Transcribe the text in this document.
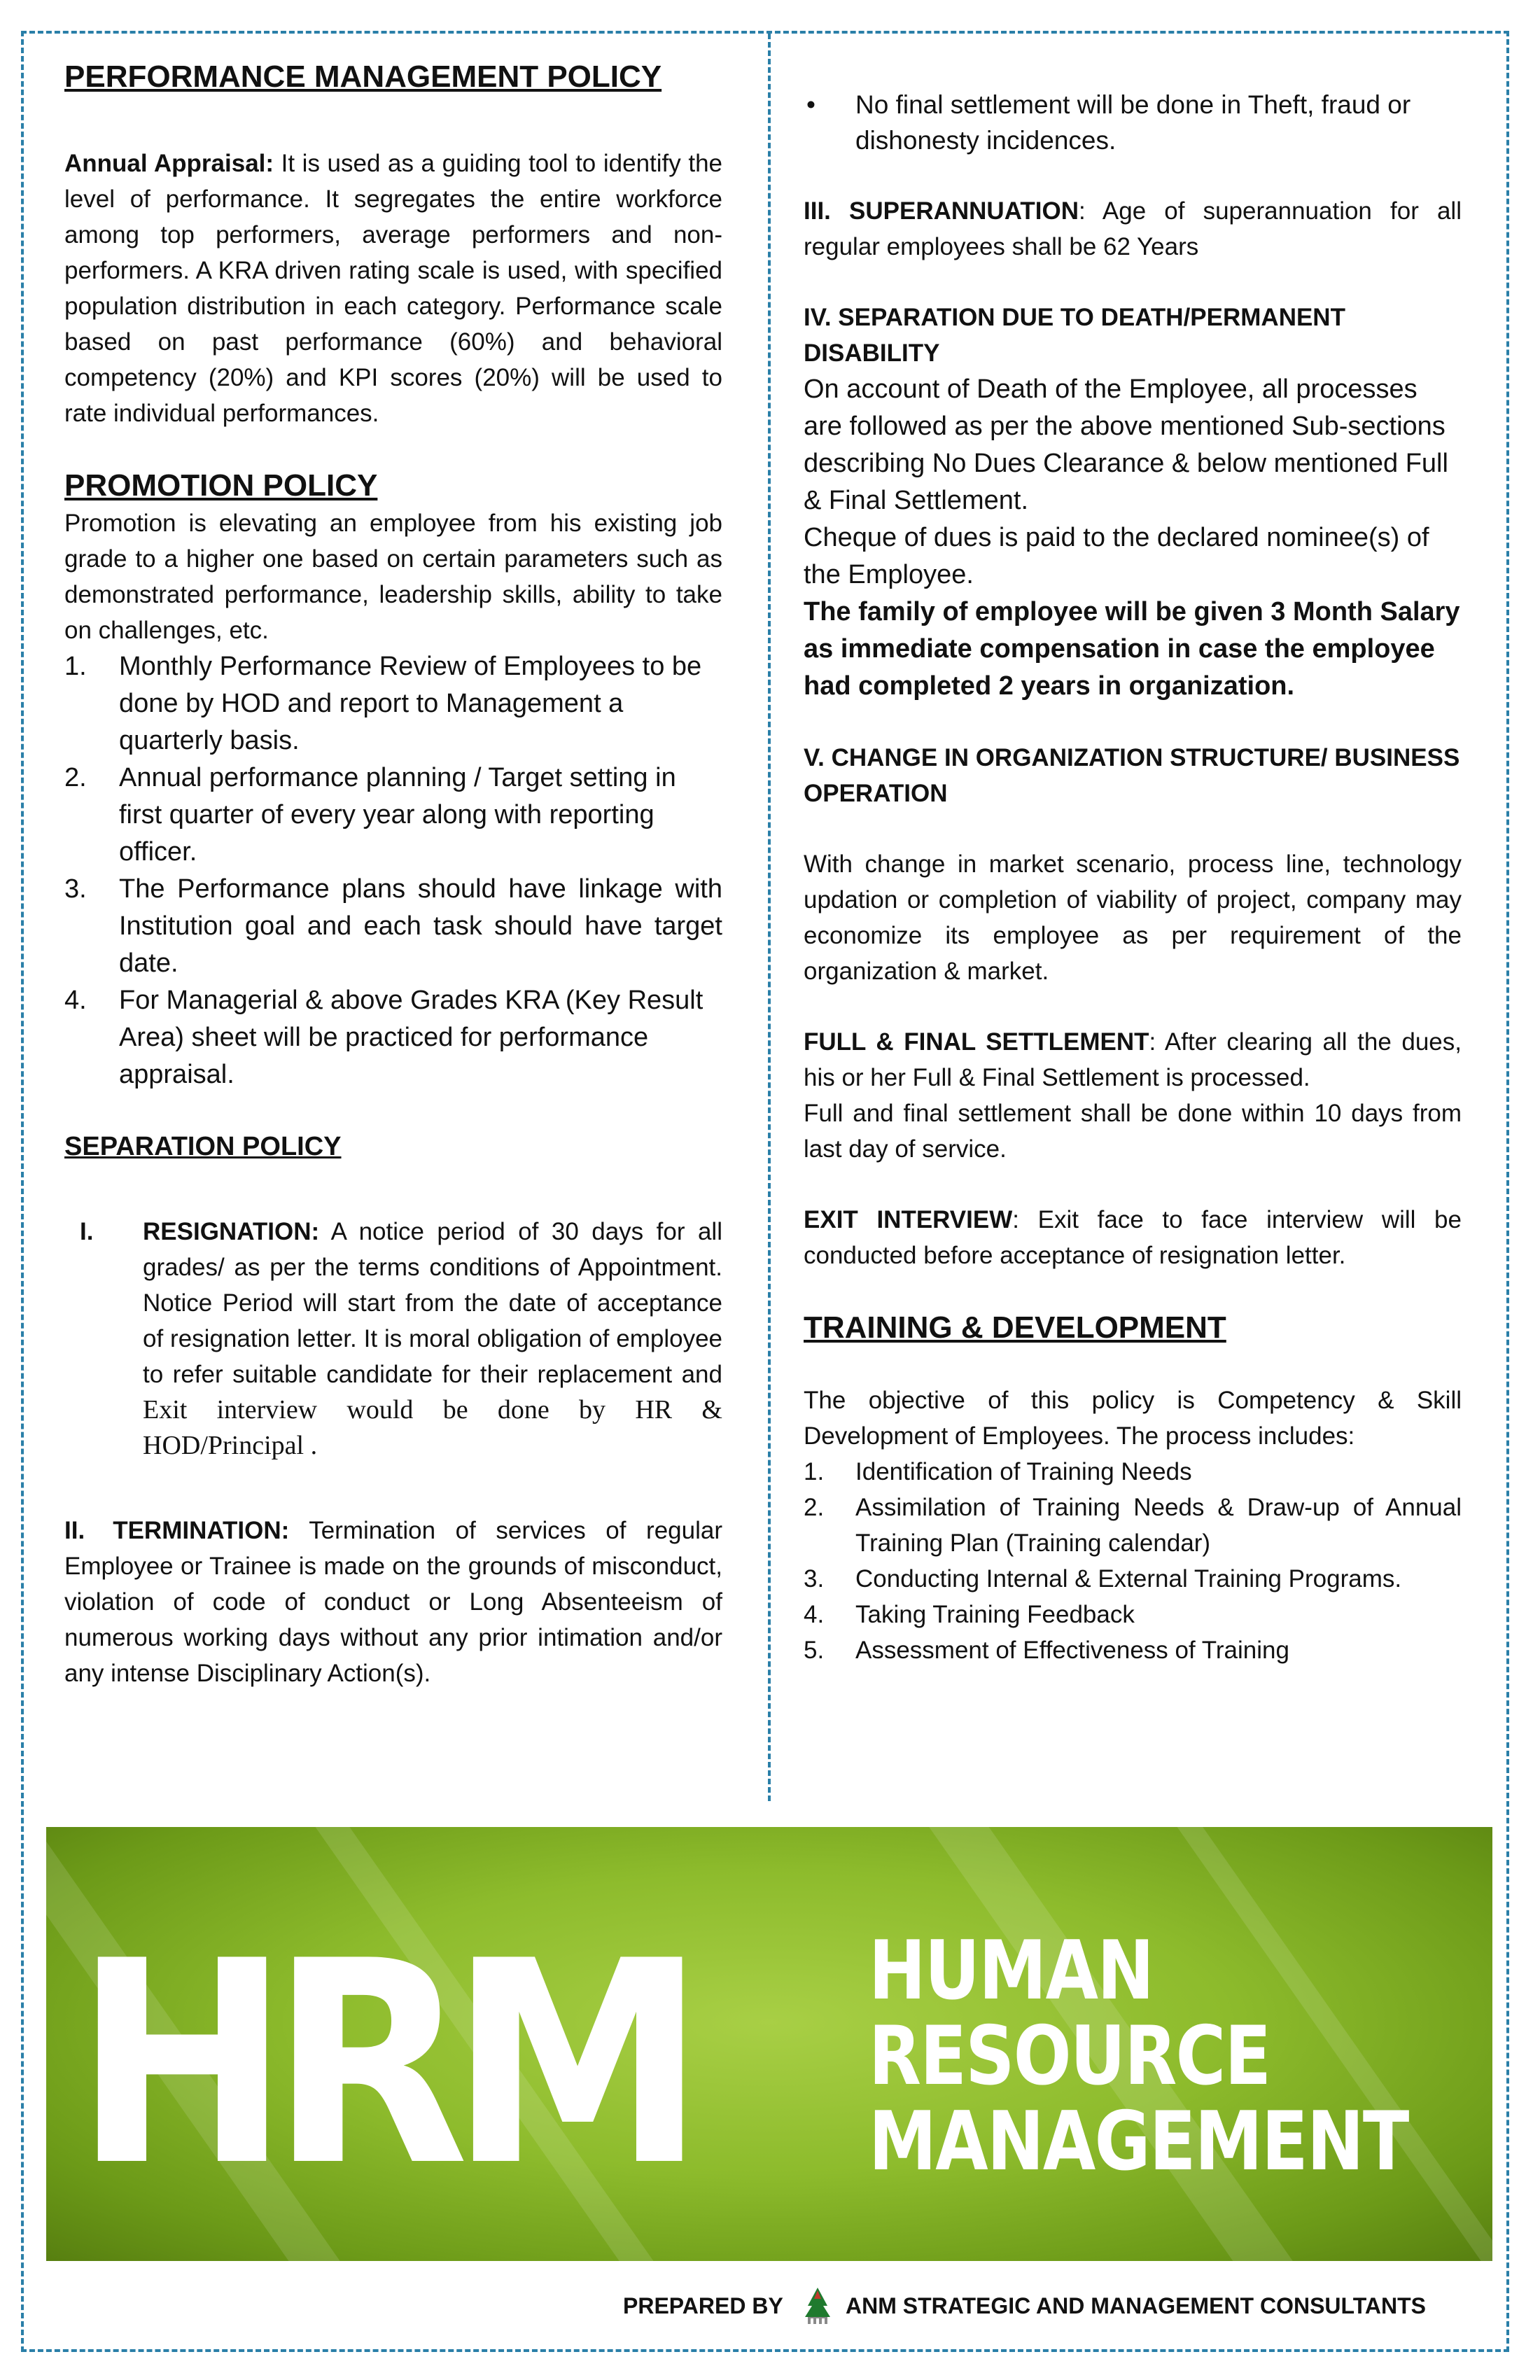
PERFORMANCE MANAGEMENT POLICY

Annual Appraisal: It is used as a guiding tool to identify the level of performance. It segregates the entire workforce among top performers, average performers and non-performers. A KRA driven rating scale is used, with specified population distribution in each category. Performance scale based on past performance (60%) and behavioral competency (20%) and KPI scores (20%) will be used to rate individual performances.

PROMOTION POLICY

Promotion is elevating an employee from his existing job grade to a higher one based on certain parameters such as demonstrated performance, leadership skills, ability to take on challenges, etc.

1. Monthly Performance Review of Employees to be done by HOD and report to Management a quarterly basis.
2. Annual performance planning / Target setting in first quarter of every year along with reporting officer.
3. The Performance plans should have linkage with Institution goal and each task should have target date.
4. For Managerial & above Grades KRA (Key Result Area) sheet will be practiced for performance appraisal.
SEPARATION POLICY
I. RESIGNATION: A notice period of 30 days for all grades/ as per the terms conditions of Appointment. Notice Period will start from the date of acceptance of resignation letter. It is moral obligation of employee to refer suitable candidate for their replacement and Exit interview would be done by HR & HOD/Principal .

II. TERMINATION: Termination of services of regular Employee or Trainee is made on the grounds of misconduct, violation of code of conduct or Long Absenteeism of numerous working days without any prior intimation and/or any intense Disciplinary Action(s).

• No final settlement will be done in Theft, fraud or dishonesty incidences.

III. SUPERANNUATION: Age of superannuation for all regular employees shall be 62 Years

IV. SEPARATION DUE TO DEATH/PERMANENT DISABILITY

On account of Death of the Employee, all processes are followed as per the above mentioned Sub-sections describing No Dues Clearance & below mentioned Full & Final Settlement.

Cheque of dues is paid to the declared nominee(s) of the Employee.

The family of employee will be given 3 Month Salary as immediate compensation in case the employee had completed 2 years in organization.

V. CHANGE IN ORGANIZATION STRUCTURE/ BUSINESS OPERATION

With change in market scenario, process line, technology updation or completion of viability of project, company may economize its employee as per requirement of the organization & market.

FULL & FINAL SETTLEMENT: After clearing all the dues, his or her Full & Final Settlement is processed.

Full and final settlement shall be done within 10 days from last day of service.

EXIT INTERVIEW: Exit face to face interview will be conducted before acceptance of resignation letter.

TRAINING & DEVELOPMENT

The objective of this policy is Competency & Skill Development of Employees. The process includes:

1. Identification of Training Needs
2. Assimilation of Training Needs & Draw-up of Annual Training Plan (Training calendar)
3. Conducting Internal & External Training Programs.
4. Taking Training Feedback
5. Assessment of Effectiveness of Training
HRM HUMAN
RESOURCE
MANAGEMENT
PREPARED BY	ANM STRATEGIC AND MANAGEMENT CONSULTANTS
